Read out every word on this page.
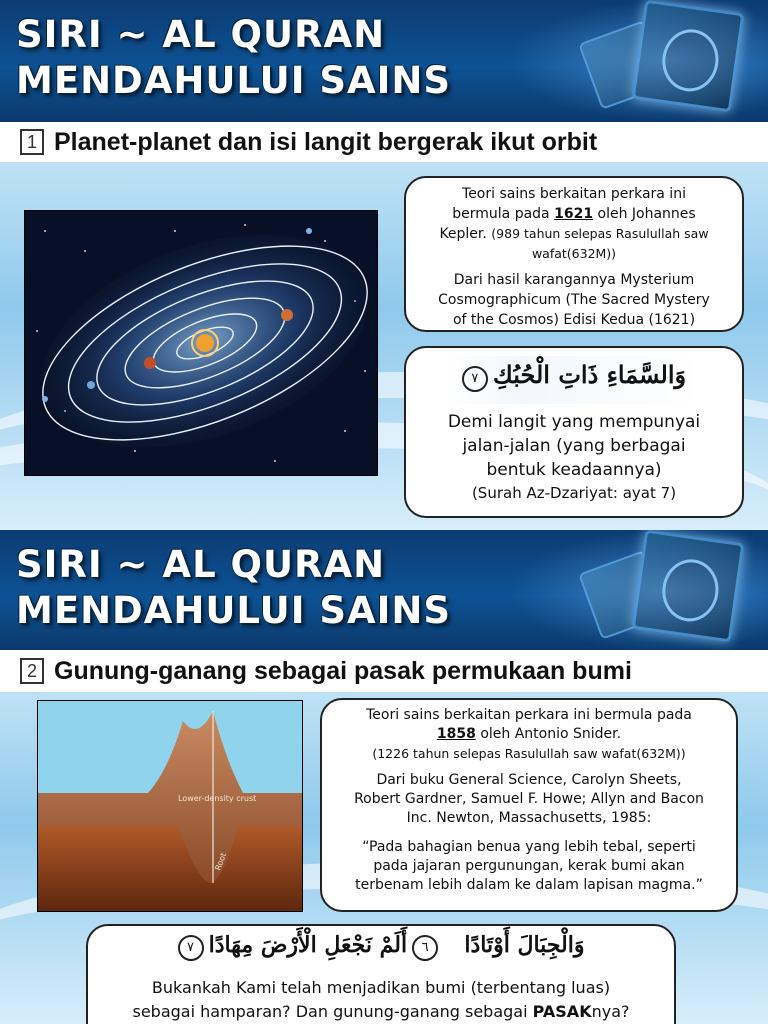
SIRI ~ AL QURAN
MENDAHULUI SAINS
1 Planet-planet dan isi langit bergerak ikut orbit
Teori sains berkaitan perkara ini
bermula pada 1621 oleh Johannes
Kepler. (989 tahun selepas Rasulullah saw
wafat(632M))
Dari hasil karangannya Mysterium
Cosmographicum (The Sacred Mystery
of the Cosmos) Edisi Kedua (1621)
٧ وَالسَّمَاءِ ذَاتِ الْحُبُكِ
Demi langit yang mempunyai
jalan-jalan (yang berbagai
bentuk keadaannya)
(Surah Az-Dzariyat: ayat 7)
SIRI ~ AL QURAN
MENDAHULUI SAINS
2 Gunung-ganang sebagai pasak permukaan bumi
Lower-density crust
Root
Teori sains berkaitan perkara ini bermula pada
1858 oleh Antonio Snider.
(1226 tahun selepas Rasulullah saw wafat(632M))
Dari buku General Science, Carolyn Sheets,
Robert Gardner, Samuel F. Howe; Allyn and Bacon
Inc. Newton, Massachusetts, 1985:
“Pada bahagian benua yang lebih tebal, seperti
pada jajaran pergunungan, kerak bumi akan
terbenam lebih dalam ke dalam lapisan magma.”
٧	وَالْجِبَالَ أَوْتَادًا  ٦ أَلَمْ نَجْعَلِ الْأَرْضَ مِهَادًا
Bukankah Kami telah menjadikan bumi (terbentang luas)
sebagai hamparan? Dan gunung-ganang sebagai PASAKnya?
